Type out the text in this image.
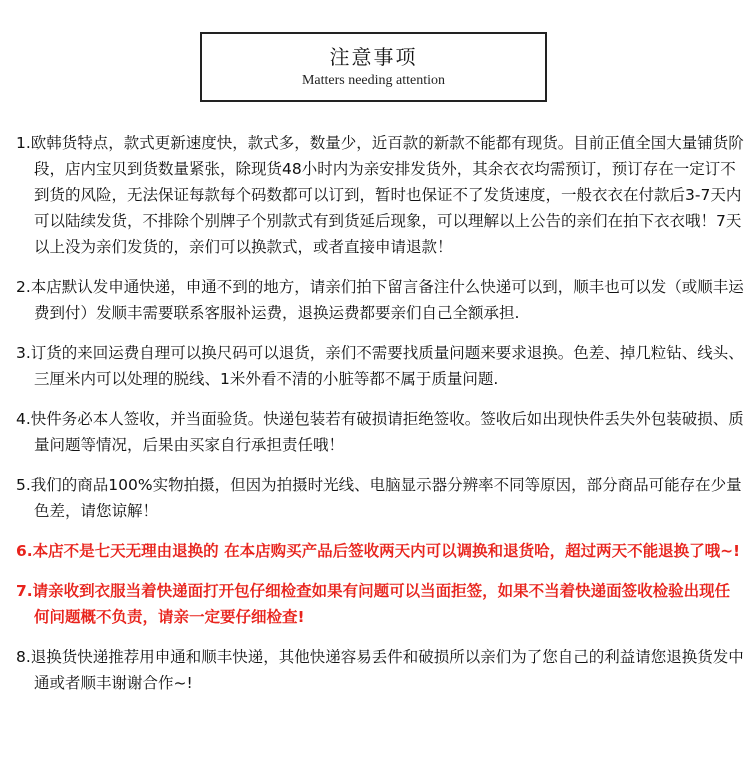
注意事项
Matters needing attention

1.欧韩货特点，款式更新速度快，款式多，数量少，近百款的新款不能都有现货。目前正值全国大量铺货阶段，店内宝贝到货数量紧张，除现货48小时内为亲安排发货外，其余衣衣均需预订，预订存在一定订不到货的风险，无法保证每款每个码数都可以订到，暂时也保证不了发货速度，一般衣衣在付款后3-7天内可以陆续发货，不排除个别牌子个别款式有到货延后现象，可以理解以上公告的亲们在拍下衣衣哦！7天以上没为亲们发货的，亲们可以换款式，或者直接申请退款！

2.本店默认发申通快递，申通不到的地方，请亲们拍下留言备注什么快递可以到，顺丰也可以发（或顺丰运费到付）发顺丰需要联系客服补运费，退换运费都要亲们自己全额承担.

3.订货的来回运费自理可以换尺码可以退货，亲们不需要找质量问题来要求退换。色差、掉几粒钻、线头、三厘米内可以处理的脱线、1米外看不清的小脏等都不属于质量问题.

4.快件务必本人签收，并当面验货。快递包装若有破损请拒绝签收。签收后如出现快件丢失外包装破损、质量问题等情况，后果由买家自行承担责任哦！

5.我们的商品100%实物拍摄，但因为拍摄时光线、电脑显示器分辨率不同等原因，部分商品可能存在少量色差，请您谅解！

6.本店不是七天无理由退换的 在本店购买产品后签收两天内可以调换和退货哈，超过两天不能退换了哦~!

7.请亲收到衣服当着快递面打开包仔细检查如果有问题可以当面拒签，如果不当着快递面签收检验出现任何问题概不负责，请亲一定要仔细检查!

8.退换货快递推荐用申通和顺丰快递，其他快递容易丢件和破损所以亲们为了您自己的利益请您退换货发中通或者顺丰谢谢合作~!
